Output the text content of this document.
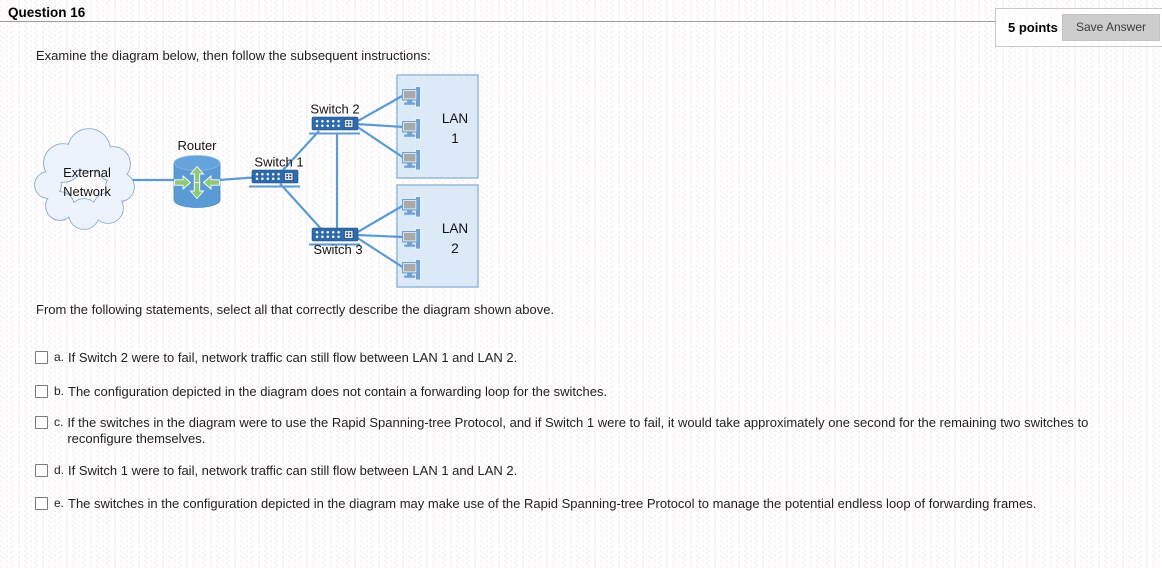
Question 16
5 points	Save Answer

Examine the diagram below, then follow the subsequent instructions:

External
Network
Router
Switch 1
Switch 2
Switch 3
LAN
1
LAN
2

From the following statements, select all that correctly describe the diagram shown above.

a. If Switch 2 were to fail, network traffic can still flow between LAN 1 and LAN 2.
b. The configuration depicted in the diagram does not contain a forwarding loop for the switches.
c. If the switches in the diagram were to use the Rapid Spanning-tree Protocol, and if Switch 1 were to fail, it would take approximately one second for the remaining two switches to reconfigure themselves.
d. If Switch 1 were to fail, network traffic can still flow between LAN 1 and LAN 2.
e. The switches in the configuration depicted in the diagram may make use of the Rapid Spanning-tree Protocol to manage the potential endless loop of forwarding frames.
